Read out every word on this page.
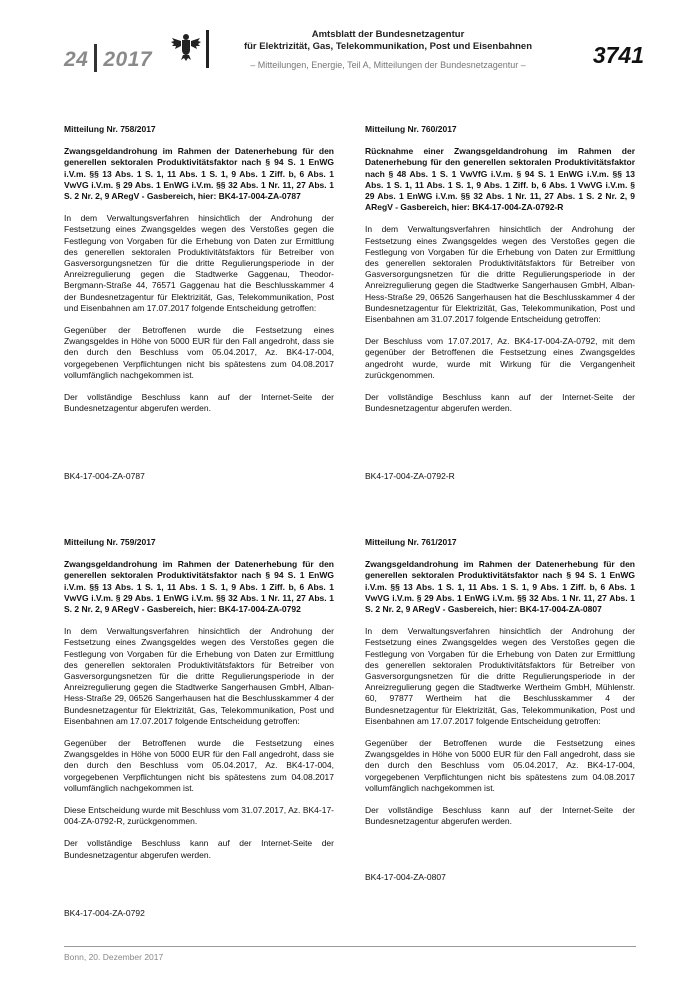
24 2017
Amtsblatt der Bundesnetzagentur
für Elektrizität, Gas, Telekommunikation, Post und Eisenbahnen
– Mitteilungen, Energie, Teil A, Mitteilungen der Bundesnetzagentur –	3741
Mitteilung Nr. 758/2017
Zwangsgeldandrohung im Rahmen der Datenerhebung für den generellen sektoralen Produktivitätsfaktor nach § 94 S. 1 EnWG i.V.m. §§ 13 Abs. 1 S. 1, 11 Abs. 1 S. 1, 9 Abs. 1 Ziff. b, 6 Abs. 1 VwVG i.V.m. § 29 Abs. 1 EnWG i.V.m. §§ 32 Abs. 1 Nr. 11, 27 Abs. 1 S. 2 Nr. 2, 9 ARegV - Gasbereich, hier: BK4-17-004-ZA-0787
In dem Verwaltungsverfahren hinsichtlich der Androhung der Festsetzung eines Zwangsgeldes wegen des Verstoßes gegen die Festlegung von Vorgaben für die Erhebung von Daten zur Ermittlung des generellen sektoralen Produktivitätsfaktors für Betreiber von Gasversorgungsnetzen für die dritte Regulierungsperiode in der Anreizregulierung gegen die Stadtwerke Gaggenau, Theodor-Bergmann-Straße 44, 76571 Gaggenau hat die Beschlusskammer 4 der Bundesnetzagentur für Elektrizität, Gas, Telekommunikation, Post und Eisenbahnen am 17.07.2017 folgende Entscheidung getroffen:
Gegenüber der Betroffenen wurde die Festsetzung eines Zwangsgeldes in Höhe von 5000 EUR für den Fall angedroht, dass sie den durch den Beschluss vom 05.04.2017, Az. BK4-17-004, vorgegebenen Verpflichtungen nicht bis spätestens zum 04.08.2017 vollumfänglich nachgekommen ist.
Der vollständige Beschluss kann auf der Internet-Seite der Bundesnetzagentur abgerufen werden.
BK4-17-004-ZA-0787
Mitteilung Nr. 760/2017
Rücknahme einer Zwangsgeldandrohung im Rahmen der Datenerhebung für den generellen sektoralen Produktivitätsfaktor nach § 48 Abs. 1 S. 1 VwVfG i.V.m. § 94 S. 1 EnWG i.V.m. §§ 13 Abs. 1 S. 1, 11 Abs. 1 S. 1, 9 Abs. 1 Ziff. b, 6 Abs. 1 VwVG i.V.m. § 29 Abs. 1 EnWG i.V.m. §§ 32 Abs. 1 Nr. 11, 27 Abs. 1 S. 2 Nr. 2, 9 ARegV - Gasbereich, hier: BK4-17-004-ZA-0792-R
In dem Verwaltungsverfahren hinsichtlich der Androhung der Festsetzung eines Zwangsgeldes wegen des Verstoßes gegen die Festlegung von Vorgaben für die Erhebung von Daten zur Ermittlung des generellen sektoralen Produktivitätsfaktors für Betreiber von Gasversorgungsnetzen für die dritte Regulierungsperiode in der Anreizregulierung gegen die Stadtwerke Sangerhausen GmbH, Alban-Hess-Straße 29, 06526 Sangerhausen hat die Beschlusskammer 4 der Bundesnetzagentur für Elektrizität, Gas, Telekommunikation, Post und Eisenbahnen am 31.07.2017 folgende Entscheidung getroffen:
Der Beschluss vom 17.07.2017, Az. BK4-17-004-ZA-0792, mit dem gegenüber der Betroffenen die Festsetzung eines Zwangsgeldes angedroht wurde, wurde mit Wirkung für die Vergangenheit zurückgenommen.
Der vollständige Beschluss kann auf der Internet-Seite der Bundesnetzagentur abgerufen werden.
BK4-17-004-ZA-0792-R
Mitteilung Nr. 759/2017
Zwangsgeldandrohung im Rahmen der Datenerhebung für den generellen sektoralen Produktivitätsfaktor nach § 94 S. 1 EnWG i.V.m. §§ 13 Abs. 1 S. 1, 11 Abs. 1 S. 1, 9 Abs. 1 Ziff. b, 6 Abs. 1 VwVG i.V.m. § 29 Abs. 1 EnWG i.V.m. §§ 32 Abs. 1 Nr. 11, 27 Abs. 1 S. 2 Nr. 2, 9 ARegV - Gasbereich, hier: BK4-17-004-ZA-0792
In dem Verwaltungsverfahren hinsichtlich der Androhung der Festsetzung eines Zwangsgeldes wegen des Verstoßes gegen die Festlegung von Vorgaben für die Erhebung von Daten zur Ermittlung des generellen sektoralen Produktivitätsfaktors für Betreiber von Gasversorgungsnetzen für die dritte Regulierungsperiode in der Anreizregulierung gegen die Stadtwerke Sangerhausen GmbH, Alban-Hess-Straße 29, 06526 Sangerhausen hat die Beschlusskammer 4 der Bundesnetzagentur für Elektrizität, Gas, Telekommunikation, Post und Eisenbahnen am 17.07.2017 folgende Entscheidung getroffen:
Gegenüber der Betroffenen wurde die Festsetzung eines Zwangsgeldes in Höhe von 5000 EUR für den Fall angedroht, dass sie den durch den Beschluss vom 05.04.2017, Az. BK4-17-004, vorgegebenen Verpflichtungen nicht bis spätestens zum 04.08.2017 vollumfänglich nachgekommen ist.
Diese Entscheidung wurde mit Beschluss vom 31.07.2017, Az. BK4-17-004-ZA-0792-R, zurückgenommen.
Der vollständige Beschluss kann auf der Internet-Seite der Bundesnetzagentur abgerufen werden.
BK4-17-004-ZA-0792
Mitteilung Nr. 761/2017
Zwangsgeldandrohung im Rahmen der Datenerhebung für den generellen sektoralen Produktivitätsfaktor nach § 94 S. 1 EnWG i.V.m. §§ 13 Abs. 1 S. 1, 11 Abs. 1 S. 1, 9 Abs. 1 Ziff. b, 6 Abs. 1 VwVG i.V.m. § 29 Abs. 1 EnWG i.V.m. §§ 32 Abs. 1 Nr. 11, 27 Abs. 1 S. 2 Nr. 2, 9 ARegV - Gasbereich, hier: BK4-17-004-ZA-0807
In dem Verwaltungsverfahren hinsichtlich der Androhung der Festsetzung eines Zwangsgeldes wegen des Verstoßes gegen die Festlegung von Vorgaben für die Erhebung von Daten zur Ermittlung des generellen sektoralen Produktivitätsfaktors für Betreiber von Gasversorgungsnetzen für die dritte Regulierungsperiode in der Anreizregulierung gegen die Stadtwerke Wertheim GmbH, Mühlenstr. 60, 97877 Wertheim hat die Beschlusskammer 4 der Bundesnetzagentur für Elektrizität, Gas, Telekommunikation, Post und Eisenbahnen am 17.07.2017 folgende Entscheidung getroffen:
Gegenüber der Betroffenen wurde die Festsetzung eines Zwangsgeldes in Höhe von 5000 EUR für den Fall angedroht, dass sie den durch den Beschluss vom 05.04.2017, Az. BK4-17-004, vorgegebenen Verpflichtungen nicht bis spätestens zum 04.08.2017 vollumfänglich nachgekommen ist.
Der vollständige Beschluss kann auf der Internet-Seite der Bundesnetzagentur abgerufen werden.
BK4-17-004-ZA-0807
Bonn, 20. Dezember 2017
